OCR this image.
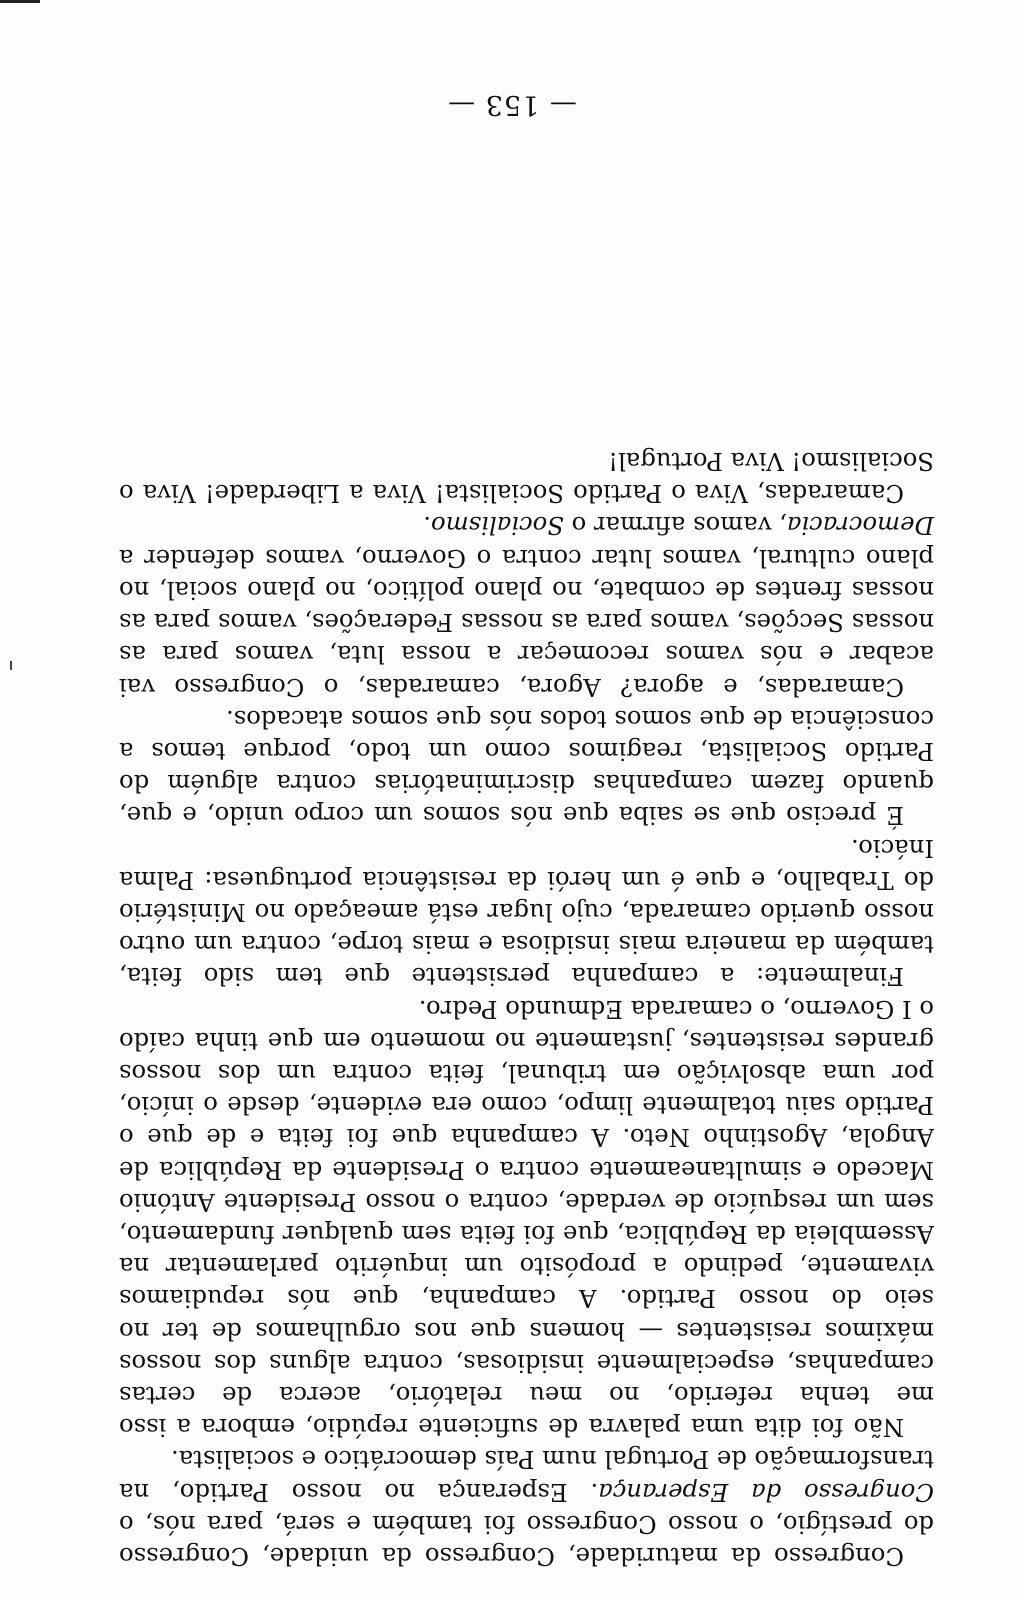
Congresso da maturidade, Congresso da unidade, Congresso do prestígio, o nosso Congresso foi também e será, para nós, o Congresso da Esperança. Esperança no nosso Partido, na transformação de Portugal num País democrático e socialista.

Não foi dita uma palavra de suficiente repúdio, embora a isso me tenha referido, no meu relatório, acerca de certas campanhas, especialmente insidiosas, contra alguns dos nossos máximos resistentes — homens que nos orgulhamos de ter no seio do nosso Partido. A campanha, que nós repudiamos vivamente, pedindo a propósito um inquérito parlamentar na Assembleia da República, que foi feita sem qualquer fundamento, sem um resquício de verdade, contra o nosso Presidente António Macedo e simultaneamente contra o Presidente da República de Angola, Agostinho Neto. A campanha que foi feita e de que o Partido saiu totalmente limpo, como era evidente, desde o início, por uma absolvição em tribunal, feita contra um dos nossos grandes resistentes, justamente no momento em que tinha caído o I Governo, o camarada Edmundo Pedro.

Finalmente: a campanha persistente que tem sido feita, também da maneira mais insidiosa e mais torpe, contra um outro nosso querido camarada, cujo lugar está ameaçado no Ministério do Trabalho, e que é um herói da resistência portuguesa: Palma Inácio.

É preciso que se saiba que nós somos um corpo unido, e que, quando fazem campanhas discriminatórias contra alguém do Partido Socialista, reagimos como um todo, porque temos a consciência de que somos todos nós que somos atacados.

Camaradas, e agora? Agora, camaradas, o Congresso vai acabar e nós vamos recomeçar a nossa luta, vamos para as nossas Secções, vamos para as nossas Federações, vamos para as nossas frentes de combate, no plano político, no plano social, no plano cultural, vamos lutar contra o Governo, vamos defender a Democracia, vamos afirmar o Socialismo.

Camaradas, Viva o Partido Socialista! Viva a Liberdade! Viva o Socialismo! Viva Portugal!

— 153 —
